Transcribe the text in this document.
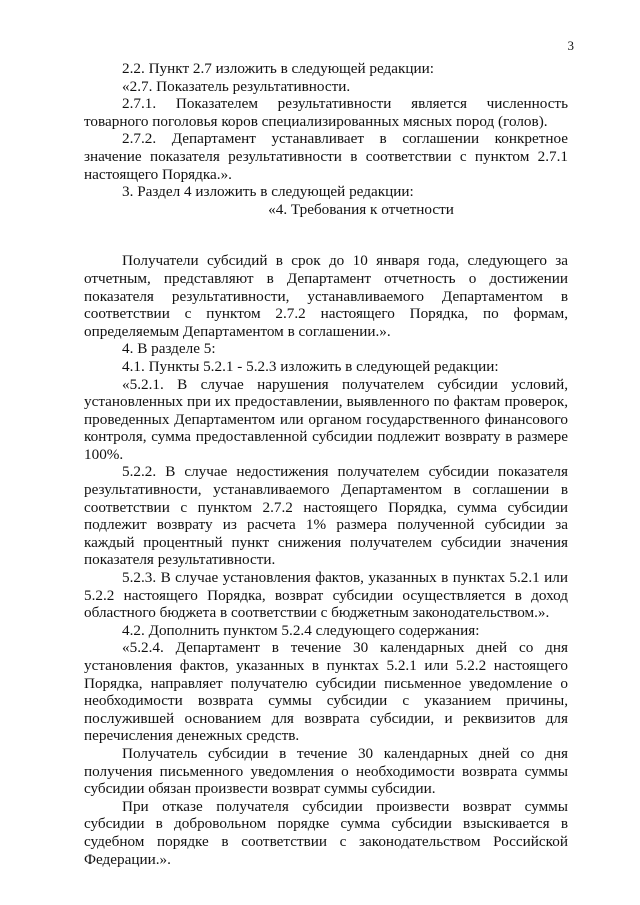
3

2.2. Пункт 2.7 изложить в следующей редакции:

«2.7. Показатель результативности.

2.7.1. Показателем результативности является численность товарного поголовья коров специализированных мясных пород (голов).

2.7.2. Департамент устанавливает в соглашении конкретное значение показателя результативности в соответствии с пунктом 2.7.1 настоящего Порядка.».

3. Раздел 4 изложить в следующей редакции:

«4. Требования к отчетности

Получатели субсидий в срок до 10 января года, следующего за отчетным, представляют в Департамент отчетность о достижении показателя результативности, устанавливаемого Департаментом в соответствии с пунктом 2.7.2 настоящего Порядка, по формам, определяемым Департаментом в соглашении.».

4. В разделе 5:

4.1. Пункты 5.2.1 - 5.2.3 изложить в следующей редакции:

«5.2.1. В случае нарушения получателем субсидии условий, установленных при их предоставлении, выявленного по фактам проверок, проведенных Департаментом или органом государственного финансового контроля, сумма предоставленной субсидии подлежит возврату в размере 100%.

5.2.2. В случае недостижения получателем субсидии показателя результативности, устанавливаемого Департаментом в соглашении в соответствии с пунктом 2.7.2 настоящего Порядка, сумма субсидии подлежит возврату из расчета 1% размера полученной субсидии за каждый процентный пункт снижения получателем субсидии значения показателя результативности.

5.2.3. В случае установления фактов, указанных в пунктах 5.2.1 или 5.2.2 настоящего Порядка, возврат субсидии осуществляется в доход областного бюджета в соответствии с бюджетным законодательством.».

4.2. Дополнить пунктом 5.2.4 следующего содержания:

«5.2.4. Департамент в течение 30 календарных дней со дня установления фактов, указанных в пунктах 5.2.1 или 5.2.2 настоящего Порядка, направляет получателю субсидии письменное уведомление о необходимости возврата суммы субсидии с указанием причины, послужившей основанием для возврата субсидии, и реквизитов для перечисления денежных средств.

Получатель субсидии в течение 30 календарных дней со дня получения письменного уведомления о необходимости возврата суммы субсидии обязан произвести возврат суммы субсидии.

При отказе получателя субсидии произвести возврат суммы субсидии в добровольном порядке сумма субсидии взыскивается в судебном порядке в соответствии с законодательством Российской Федерации.».
